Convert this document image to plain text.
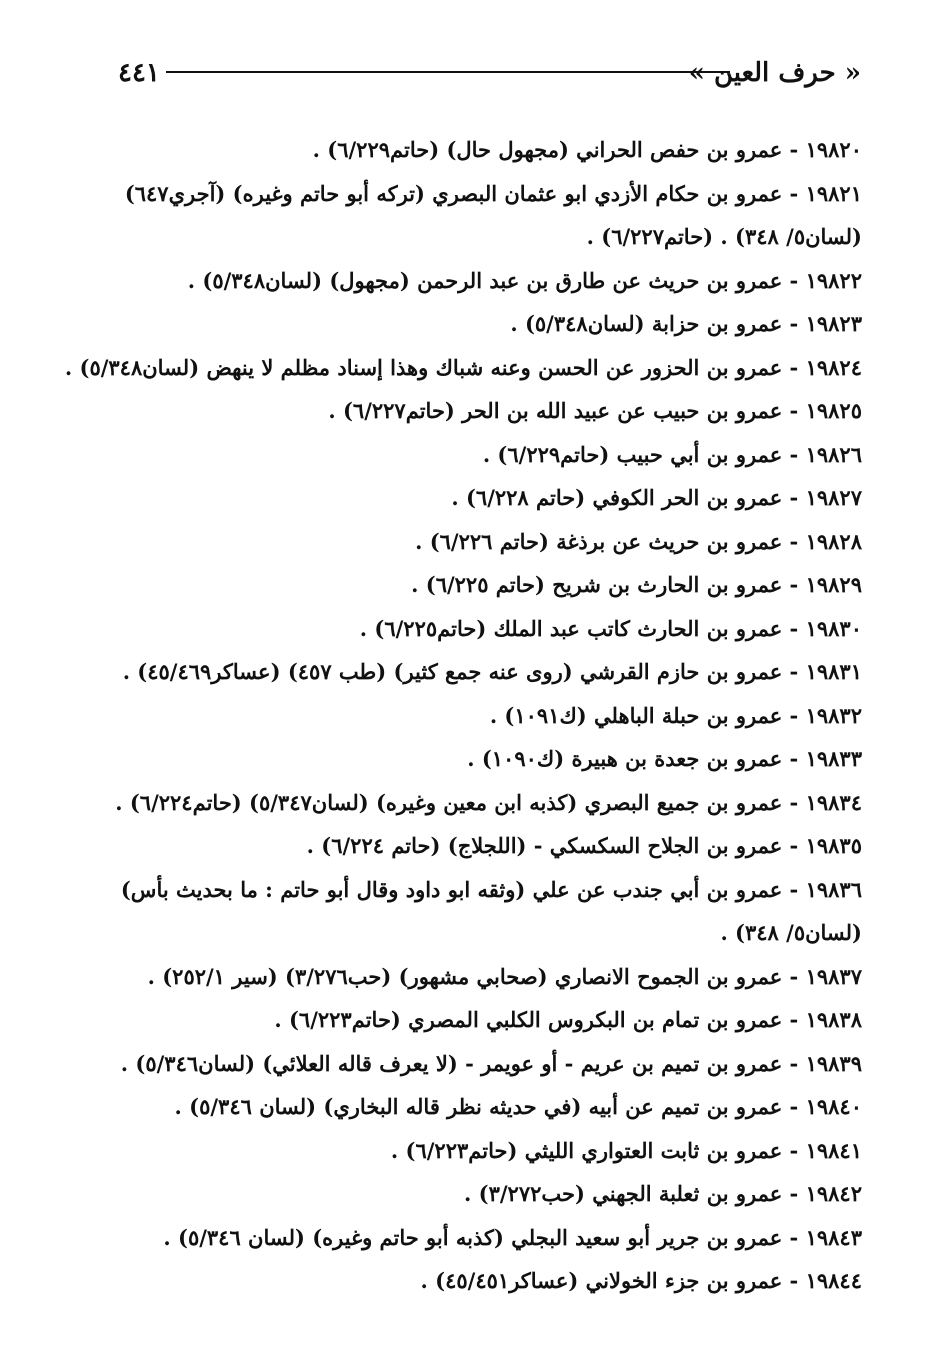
٤٤١	« حرف العين »
١٩٨٢٠ - عمرو بن حفص الحراني (مجهول حال) (حاتم٦/٢٢٩) .
١٩٨٢١ - عمرو بن حكام الأزدي ابو عثمان البصري (تركه أبو حاتم وغيره) (آجري٦٤٧) (لسان٥/ ٣٤٨) . (حاتم٦/٢٢٧) .
١٩٨٢٢ - عمرو بن حريث عن طارق بن عبد الرحمن (مجهول) (لسان٥/٣٤٨) .
١٩٨٢٣ - عمرو بن حزابة (لسان٥/٣٤٨) .
١٩٨٢٤ - عمرو بن الحزور عن الحسن وعنه شباك وهذا إسناد مظلم لا ينهض (لسان٥/٣٤٨) .
١٩٨٢٥ - عمرو بن حبيب عن عبيد الله بن الحر (حاتم٦/٢٢٧) .
١٩٨٢٦ - عمرو بن أبي حبيب (حاتم٦/٢٢٩) .
١٩٨٢٧ - عمرو بن الحر الكوفي (حاتم ٦/٢٢٨) .
١٩٨٢٨ - عمرو بن حريث عن برذغة (حاتم ٦/٢٢٦) .
١٩٨٢٩ - عمرو بن الحارث بن شريح (حاتم ٦/٢٢٥) .
١٩٨٣٠ - عمرو بن الحارث كاتب عبد الملك (حاتم٦/٢٢٥) .
١٩٨٣١ - عمرو بن حازم القرشي (روى عنه جمع كثير) (طب ٤٥٧) (عساكر٤٥/٤٦٩) .
١٩٨٣٢ - عمرو بن حبلة الباهلي (ك١٠٩١) .
١٩٨٣٣ - عمرو بن جعدة بن هبيرة (ك١٠٩٠) .
١٩٨٣٤ - عمرو بن جميع البصري (كذبه ابن معين وغيره) (لسان٥/٣٤٧) (حاتم٦/٢٢٤) .
١٩٨٣٥ - عمرو بن الجلاح السكسكي - (اللجلاج) (حاتم ٦/٢٢٤) .
١٩٨٣٦ - عمرو بن أبي جندب عن علي (وثقه ابو داود وقال أبو حاتم : ما بحديث بأس) (لسان٥/ ٣٤٨) .
١٩٨٣٧ - عمرو بن الجموح الانصاري (صحابي مشهور) (حب٣/٢٧٦) (سير ٢٥٢/١) .
١٩٨٣٨ - عمرو بن تمام بن البكروس الكلبي المصري (حاتم٦/٢٢٣) .
١٩٨٣٩ - عمرو بن تميم بن عريم - أو عويمر - (لا يعرف قاله العلائي) (لسان٥/٣٤٦) .
١٩٨٤٠ - عمرو بن تميم عن أبيه (في حديثه نظر قاله البخاري) (لسان ٥/٣٤٦) .
١٩٨٤١ - عمرو بن ثابت العتواري الليثي (حاتم٦/٢٢٣) .
١٩٨٤٢ - عمرو بن ثعلبة الجهني (حب٣/٢٧٢) .
١٩٨٤٣ - عمرو بن جرير أبو سعيد البجلي (كذبه أبو حاتم وغيره) (لسان ٥/٣٤٦) .
١٩٨٤٤ - عمرو بن جزء الخولاني (عساكر٤٥/٤٥١) .
